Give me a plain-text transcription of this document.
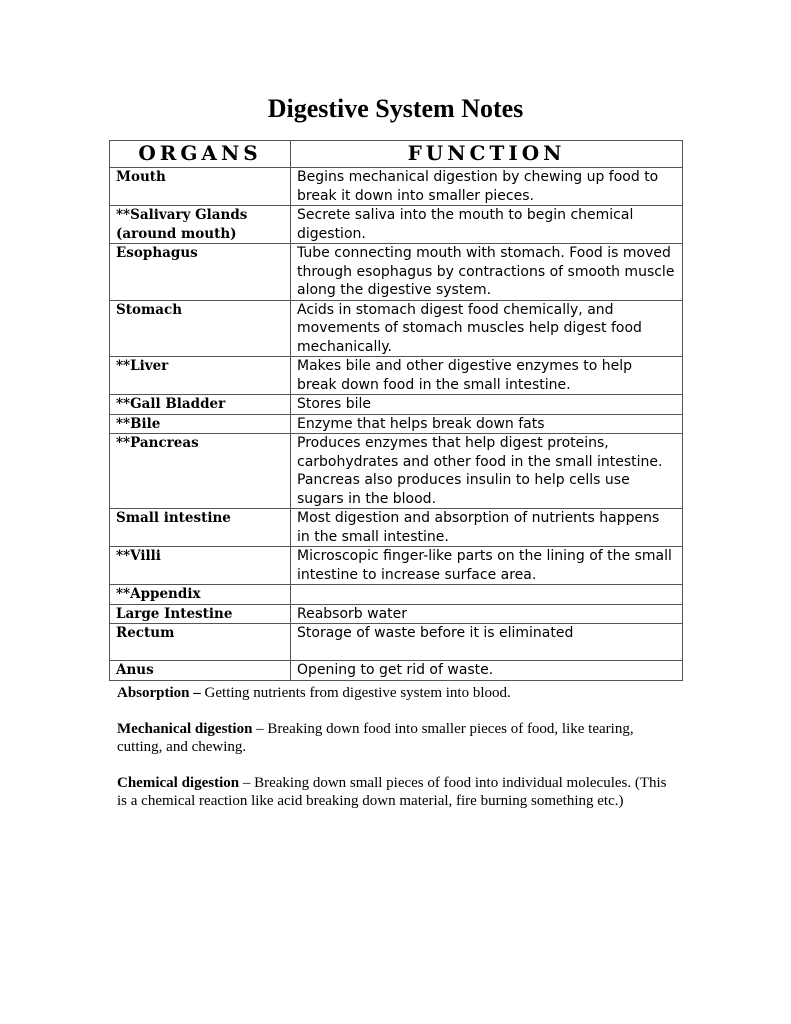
Digestive System Notes
ORGANS	FUNCTION
Mouth	Begins mechanical digestion by chewing up food to break it down into smaller pieces.
**Salivary Glands (around mouth)	Secrete saliva into the mouth to begin chemical digestion.
Esophagus	Tube connecting mouth with stomach. Food is moved through esophagus by contractions of smooth muscle along the digestive system.
Stomach	Acids in stomach digest food chemically, and movements of stomach muscles help digest food mechanically.
**Liver	Makes bile and other digestive enzymes to help break down food in the small intestine.
**Gall Bladder	Stores bile
**Bile	Enzyme that helps break down fats
**Pancreas	Produces enzymes that help digest proteins, carbohydrates and other food in the small intestine. Pancreas also produces insulin to help cells use sugars in the blood.
Small intestine	Most digestion and absorption of nutrients happens in the small intestine.
**Villi	Microscopic finger-like parts on the lining of the small intestine to increase surface area.
**Appendix	
Large Intestine	Reabsorb water
Rectum	Storage of waste before it is eliminated
Anus	Opening to get rid of waste.

Absorption – Getting nutrients from digestive system into blood.

Mechanical digestion – Breaking down food into smaller pieces of food, like tearing, cutting, and chewing.

Chemical digestion – Breaking down small pieces of food into individual molecules. (This is a chemical reaction like acid breaking down material, fire burning something etc.)
